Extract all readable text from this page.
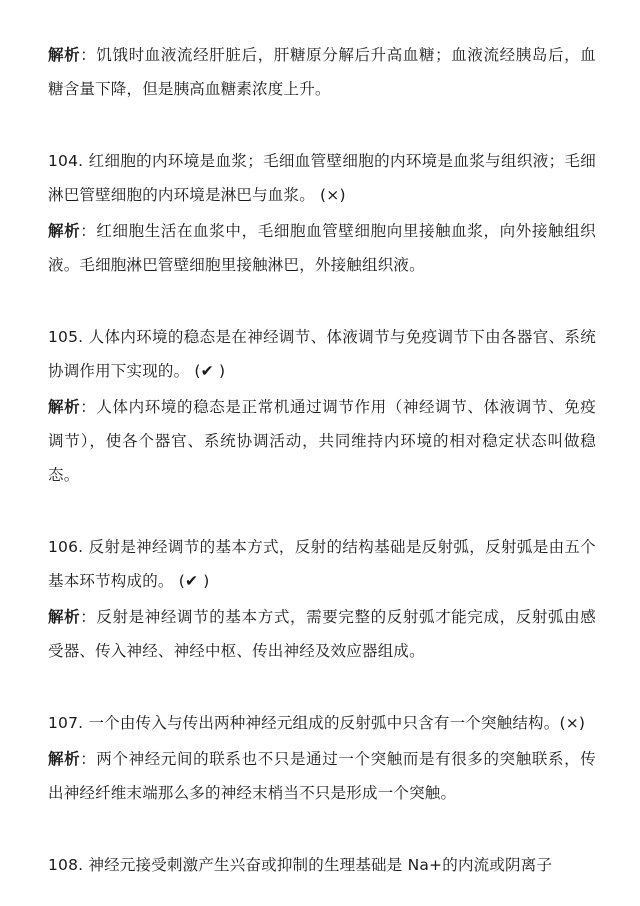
解析：饥饿时血液流经肝脏后，肝糖原分解后升高血糖；血液流经胰岛后，血糖含量下降，但是胰高血糖素浓度上升。

104. 红细胞的内环境是血浆；毛细血管壁细胞的内环境是血浆与组织液；毛细淋巴管壁细胞的内环境是淋巴与血浆。 (×)

解析：红细胞生活在血浆中，毛细胞血管壁细胞向里接触血浆，向外接触组织液。毛细胞淋巴管壁细胞里接触淋巴，外接触组织液。

105. 人体内环境的稳态是在神经调节、体液调节与免疫调节下由各器官、系统协调作用下实现的。 (✔ )

解析：人体内环境的稳态是正常机通过调节作用（神经调节、体液调节、免疫调节），使各个器官、系统协调活动，共同维持内环境的相对稳定状态叫做稳态。

106. 反射是神经调节的基本方式，反射的结构基础是反射弧，反射弧是由五个基本环节构成的。 (✔ )

解析：反射是神经调节的基本方式，需要完整的反射弧才能完成，反射弧由感受器、传入神经、神经中枢、传出神经及效应器组成。

107. 一个由传入与传出两种神经元组成的反射弧中只含有一个突触结构。(×)

解析：两个神经元间的联系也不只是通过一个突触而是有很多的突触联系，传出神经纤维末端那么多的神经末梢当不只是形成一个突触。

108. 神经元接受刺激产生兴奋或抑制的生理基础是 Na+的内流或阴离子
